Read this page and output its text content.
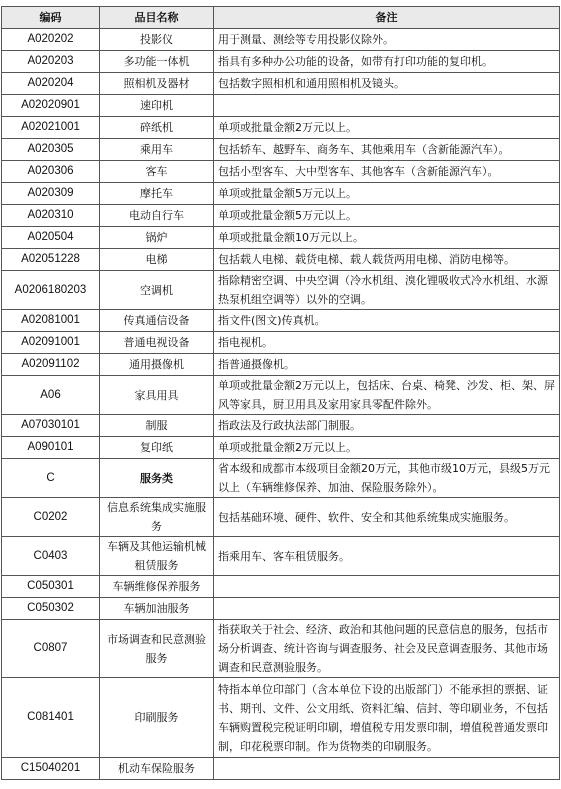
编码	品目名称	备注
A020202	投影仪	用于测量、测绘等专用投影仪除外。
A020203	多功能一体机	指具有多种办公功能的设备，如带有打印功能的复印机。
A020204	照相机及器材	包括数字照相机和通用照相机及镜头。
A02020901	速印机	
A02021001	碎纸机	单项或批量金额2万元以上。
A020305	乘用车	包括轿车、越野车、商务车、其他乘用车（含新能源汽车）。
A020306	客车	包括小型客车、大中型客车、其他客车（含新能源汽车）。
A020309	摩托车	单项或批量金额5万元以上。
A020310	电动自行车	单项或批量金额5万元以上。
A020504	锅炉	单项或批量金额10万元以上。
A02051228	电梯	包括载人电梯、载货电梯、载人载货两用电梯、消防电梯等。
A0206180203	空调机	指除精密空调、中央空调（冷水机组、溴化锂吸收式冷水机组、水源热泵机组空调等）以外的空调。
A02081001	传真通信设备	指文件(图文)传真机。
A02091001	普通电视设备	指电视机。
A02091102	通用摄像机	指普通摄像机。
A06	家具用具	单项或批量金额2万元以上，包括床、台桌、椅凳、沙发、柜、架、屏风等家具，厨卫用具及家用家具零配件除外。
A07030101	制服	指政法及行政执法部门制服。
A090101	复印纸	单项或批量金额2万元以上。
C	服务类	省本级和成都市本级项目金额20万元，其他市级10万元，县级5万元以上（车辆维修保养、加油、保险服务除外）。
C0202	信息系统集成实施服务	包括基础环境、硬件、软件、安全和其他系统集成实施服务。
C0403	车辆及其他运输机械租赁服务	指乘用车、客车租赁服务。
C050301	车辆维修保养服务	
C050302	车辆加油服务	
C0807	市场调查和民意测验服务	指获取关于社会、经济、政治和其他问题的民意信息的服务，包括市场分析调查、统计咨询与调查服务、社会及民意调查服务、其他市场调查和民意测验服务。
C081401	印刷服务	特指本单位印部门（含本单位下设的出版部门）不能承担的票据、证书、期刊、文件、公文用纸、资料汇编、信封、等印刷业务，不包括车辆购置税完税证明印刷，增值税专用发票印制，增值税普通发票印制，印花税票印制。作为货物类的印刷服务。
C15040201	机动车保险服务	
